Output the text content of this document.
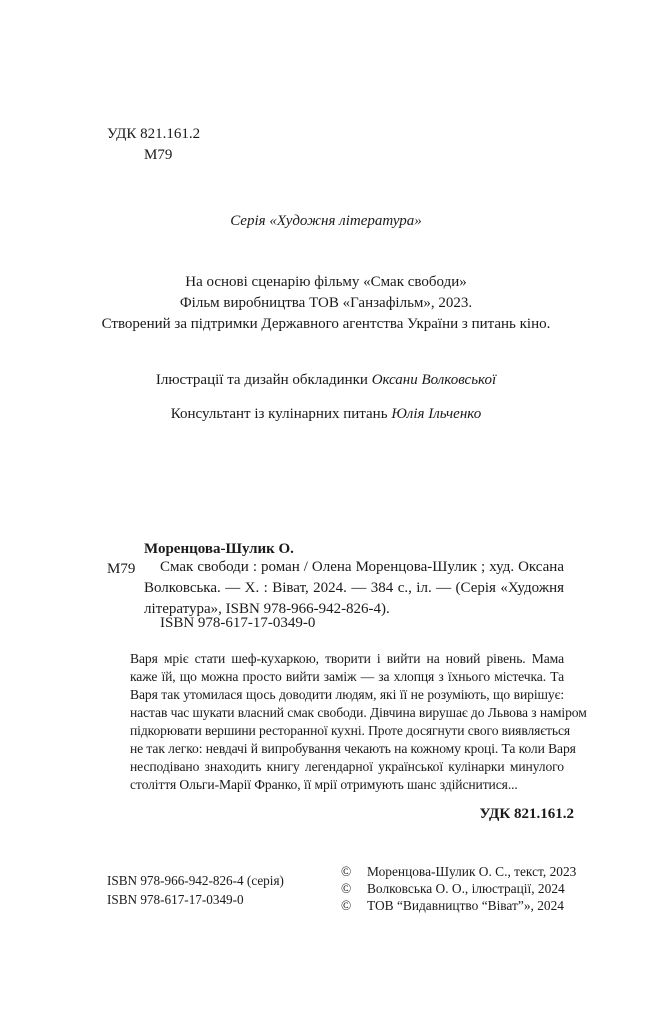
УДК 821.161.2
М79
Серія «Художня література»
На основі сценарію фільму «Смак свободи»
Фільм виробництва ТОВ «Ганзафільм», 2023.
Створений за підтримки Державного агентства України з питань кіно.
Ілюстрації та дизайн обкладинки Оксани Волковської
Консультант із кулінарних питань Юлія Ільченко
Моренцова-Шулик О.
М79 Смак свободи : роман / Олена Моренцова-Шулик ; худ. Оксана
Волковська. — Х. : Віват, 2024. — 384 с., іл. — (Серія «Художня
література», ISBN 978-966-942-826-4).
ISBN 978-617-17-0349-0
Варя мріє стати шеф-кухаркою, творити і вийти на новий рівень. Мама
каже їй, що можна просто вийти заміж — за хлопця з їхнього містечка. Та
Варя так утомилася щось доводити людям, які її не розуміють, що вирішує:
настав час шукати власний смак свободи. Дівчина вирушає до Львова з наміром
підкорювати вершини ресторанної кухні. Проте досягнути свого виявляється
не так легко: невдачі й випробування чекають на кожному кроці. Та коли Варя
несподівано знаходить книгу легендарної української кулінарки минулого
століття Ольги-Марії Франко, її мрії отримують шанс здійснитися...
УДК 821.161.2
ISBN 978-966-942-826-4 (серія)
ISBN 978-617-17-0349-0
© Моренцова-Шулик О. С., текст, 2023
© Волковська О. О., ілюстрації, 2024
© ТОВ “Видавництво “Віват”», 2024
